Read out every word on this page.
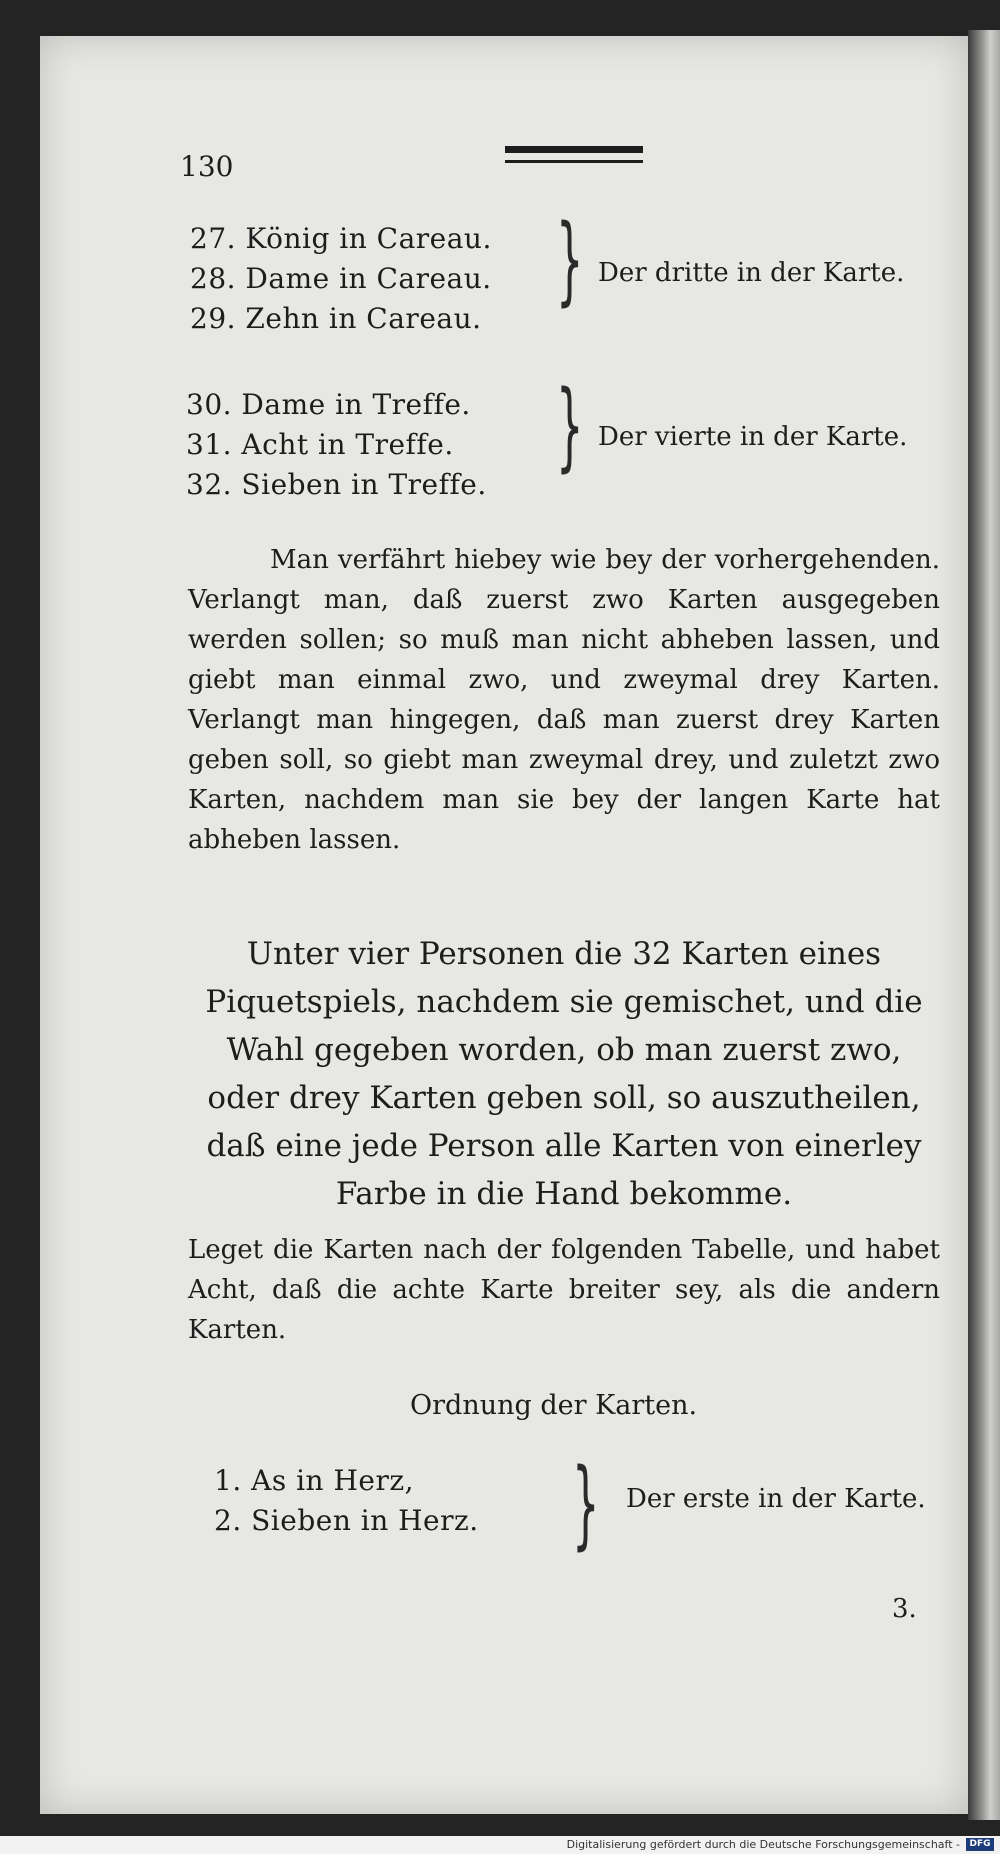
130
27. König in Careau.
28. Dame in Careau.
29. Zehn in Careau.
} Der dritte in der Karte.
30. Dame in Treffe.
31. Acht in Treffe.
32. Sieben in Treffe.
} Der vierte in der Karte.
Man verfährt hiebey wie bey der vorhergehenden. Verlangt man, daß zuerst zwo Karten ausgegeben werden sollen; so muß man nicht abheben lassen, und giebt man einmal zwo, und zweymal drey Karten. Verlangt man hingegen, daß man zuerst drey Karten geben soll, so giebt man zweymal drey, und zuletzt zwo Karten, nachdem man sie bey der langen Karte hat abheben lassen.
Unter vier Personen die 32 Karten eines Piquetspiels, nachdem sie gemischet, und die Wahl gegeben worden, ob man zuerst zwo, oder drey Karten geben soll, so auszutheilen, daß eine jede Person alle Karten von einerley Farbe in die Hand bekomme.
Leget die Karten nach der folgenden Tabelle, und habet Acht, daß die achte Karte breiter sey, als die andern Karten.
Ordnung der Karten.
1. As in Herz,
2. Sieben in Herz. } Der erste in der Karte.
3.
Digitalisierung gefördert durch die Deutsche Forschungsgemeinschaft -	DFG
